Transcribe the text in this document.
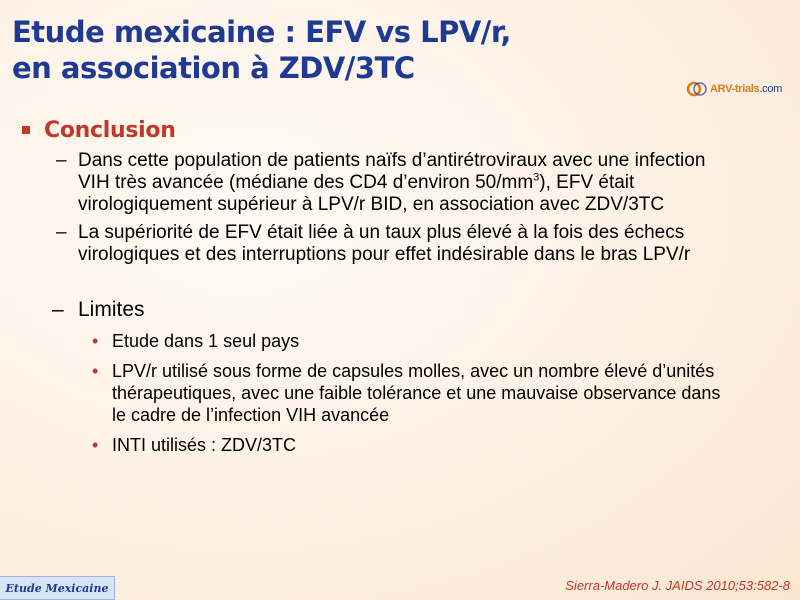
Etude mexicaine : EFV vs LPV/r,
en association à ZDV/3TC
ARV-trials.com
Conclusion
– Dans cette population de patients naïfs d’antirétroviraux avec une infection VIH très avancée (médiane des CD4 d’environ $50/mm^3$), EFV était virologiquement supérieur à LPV/r BID, en association avec ZDV/3TC
– La supériorité de EFV était liée à un taux plus élevé à la fois des échecs virologiques et des interruptions pour effet indésirable dans le bras LPV/r
– Limites
• Etude dans 1 seul pays
• LPV/r utilisé sous forme de capsules molles, avec un nombre élevé d’unités thérapeutiques, avec une faible tolérance et une mauvaise observance dans le cadre de l’infection VIH avancée
• INTI utilisés : ZDV/3TC
Etude Mexicaine	Sierra-Madero J. JAIDS 2010;53:582-8
